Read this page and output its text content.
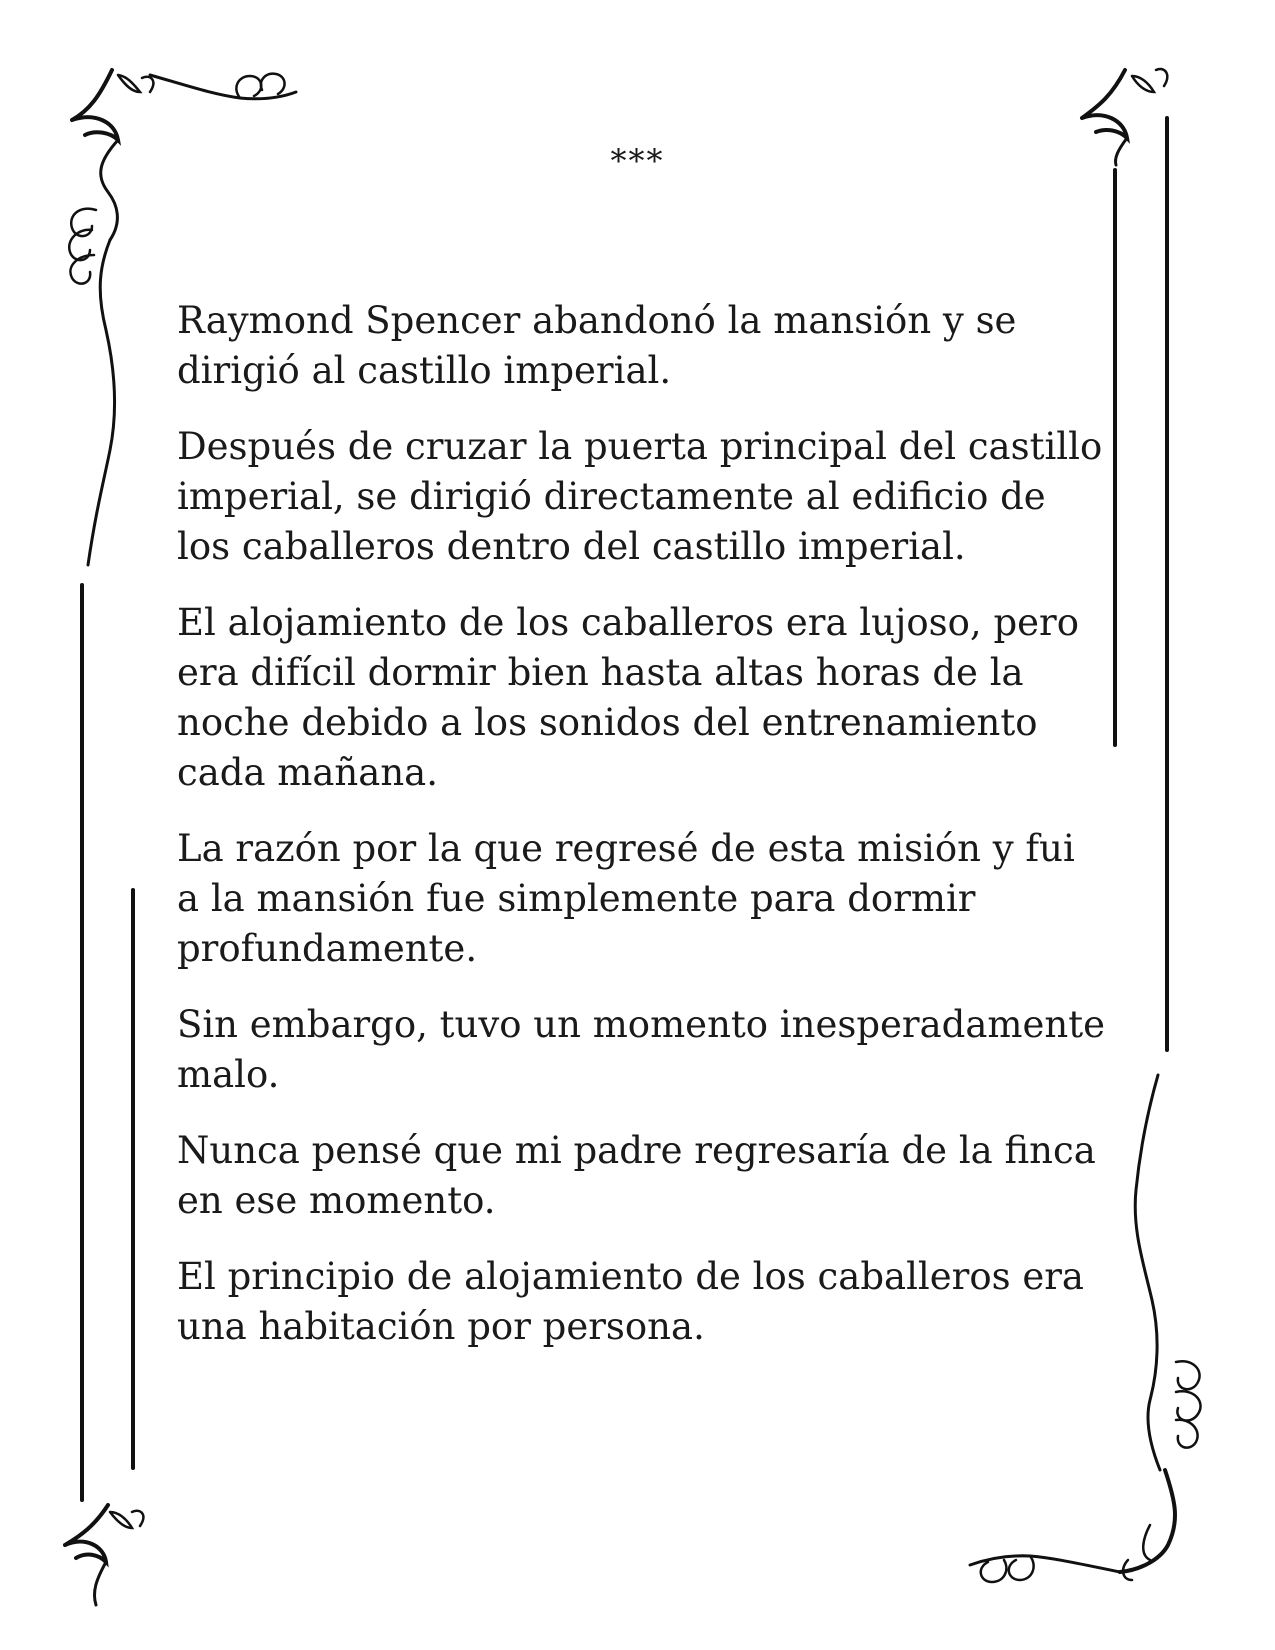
***

Raymond Spencer abandonó la mansión y se dirigió al castillo imperial.

Después de cruzar la puerta principal del castillo imperial, se dirigió directamente al edificio de los caballeros dentro del castillo imperial.

El alojamiento de los caballeros era lujoso, pero era difícil dormir bien hasta altas horas de la noche debido a los sonidos del entrenamiento cada mañana.

La razón por la que regresé de esta misión y fui a la mansión fue simplemente para dormir profundamente.

Sin embargo, tuvo un momento inesperadamente malo.

Nunca pensé que mi padre regresaría de la finca en ese momento.

El principio de alojamiento de los caballeros era una habitación por persona.
